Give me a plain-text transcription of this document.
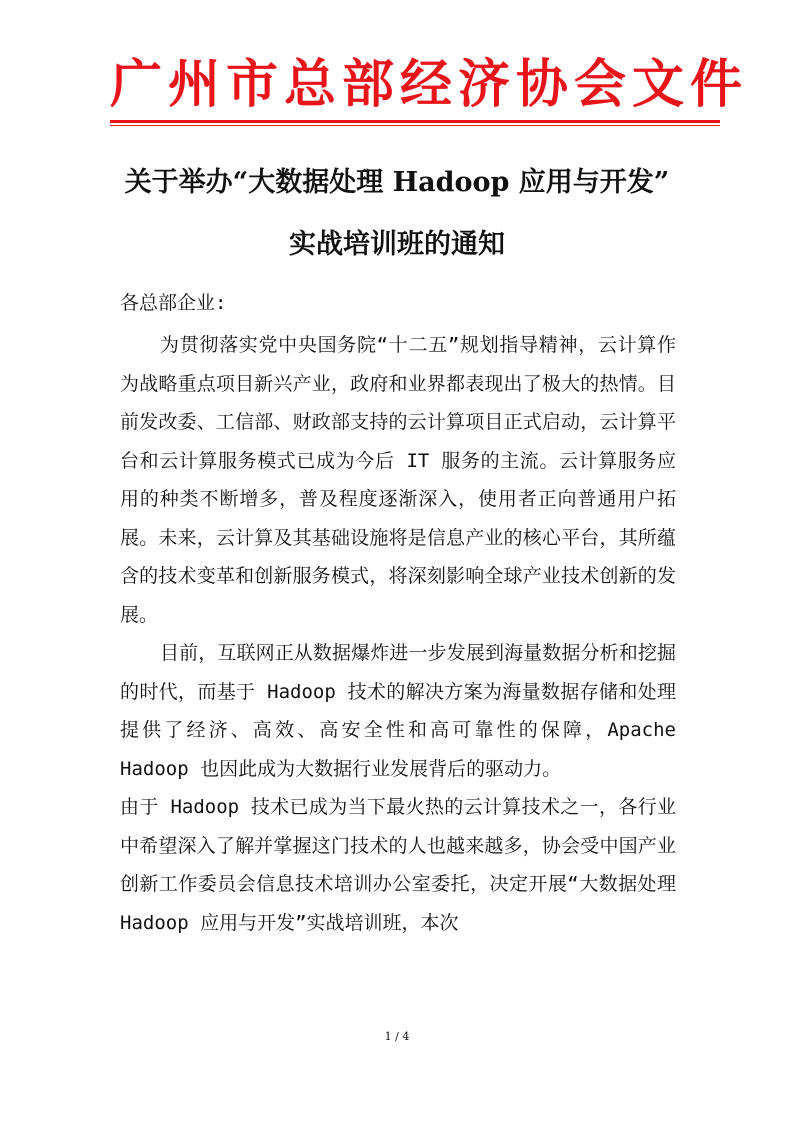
广州市总部经济协会文件
关于举办“大数据处理 Hadoop 应用与开发”
实战培训班的通知
各总部企业:

为贯彻落实党中央国务院“十二五”规划指导精神，云计算作为战略重点项目新兴产业，政府和业界都表现出了极大的热情。目前发改委、工信部、财政部支持的云计算项目正式启动，云计算平台和云计算服务模式已成为今后 IT 服务的主流。云计算服务应用的种类不断增多，普及程度逐渐深入，使用者正向普通用户拓展。未来，云计算及其基础设施将是信息产业的核心平台，其所蕴含的技术变革和创新服务模式，将深刻影响全球产业技术创新的发展。

目前，互联网正从数据爆炸进一步发展到海量数据分析和挖掘的时代，而基于 Hadoop 技术的解决方案为海量数据存储和处理提供了经济、高效、高安全性和高可靠性的保障，Apache Hadoop 也因此成为大数据行业发展背后的驱动力。

由于 Hadoop 技术已成为当下最火热的云计算技术之一，各行业中希望深入了解并掌握这门技术的人也越来越多，协会受中国产业创新工作委员会信息技术培训办公室委托，决定开展“大数据处理 Hadoop 应用与开发”实战培训班，本次

1 / 4
